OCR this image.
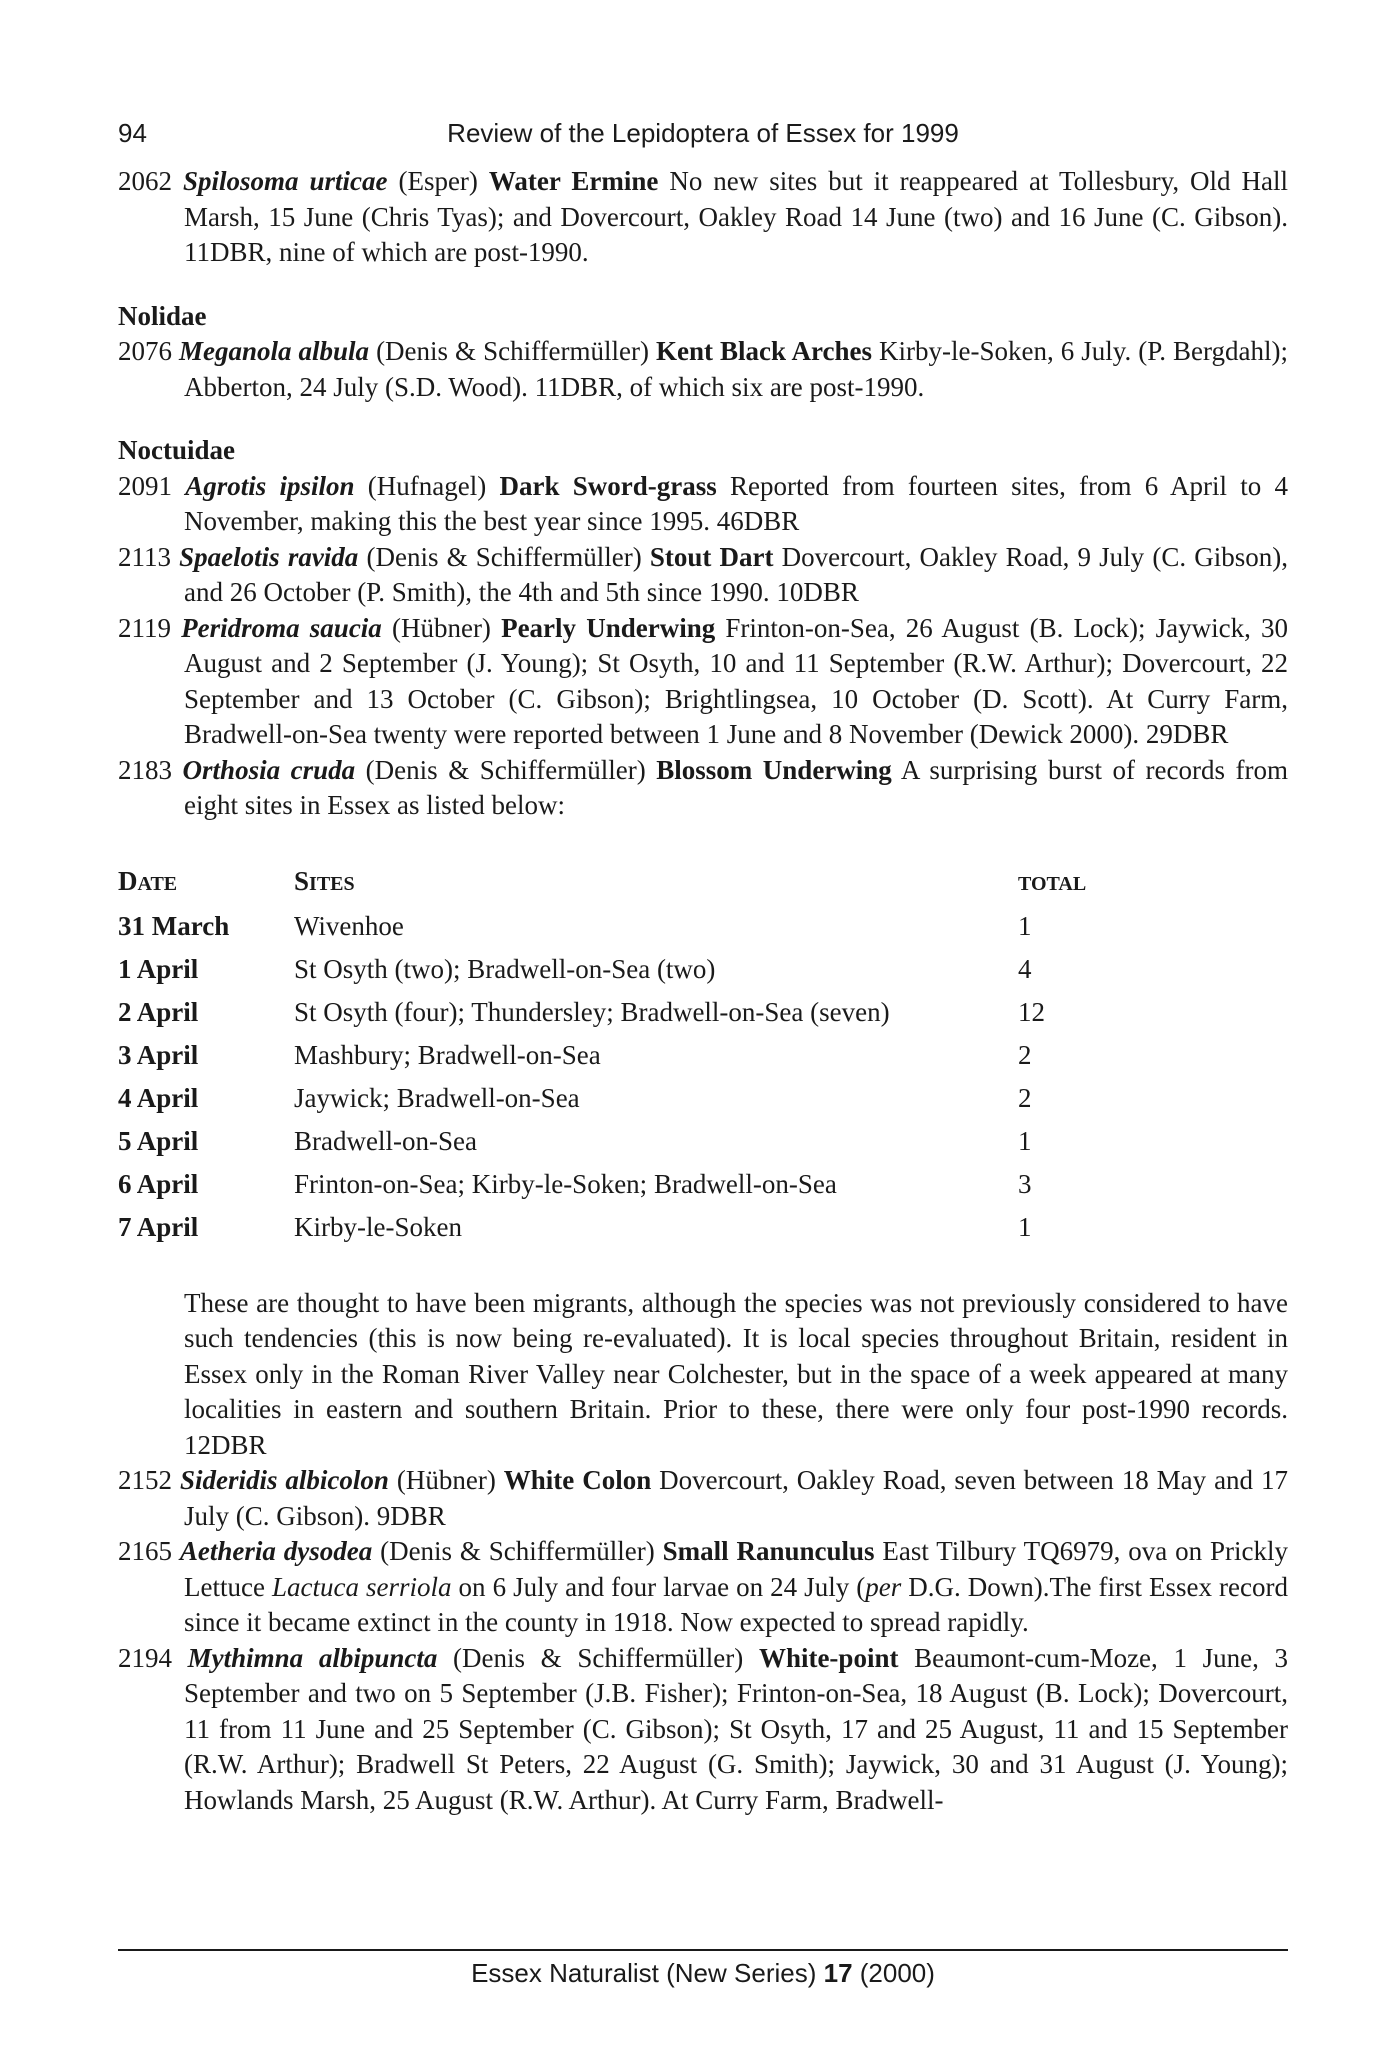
94	Review of the Lepidoptera of Essex for 1999

2062 Spilosoma urticae (Esper) Water Ermine No new sites but it reappeared at Tollesbury, Old Hall Marsh, 15 June (Chris Tyas); and Dovercourt, Oakley Road 14 June (two) and 16 June (C. Gibson). 11DBR, nine of which are post-1990.

Nolidae

2076 Meganola albula (Denis & Schiffermüller) Kent Black Arches Kirby-le-Soken, 6 July. (P. Bergdahl); Abberton, 24 July (S.D. Wood). 11DBR, of which six are post-1990.

Noctuidae

2091 Agrotis ipsilon (Hufnagel) Dark Sword-grass Reported from fourteen sites, from 6 April to 4 November, making this the best year since 1995. 46DBR

2113 Spaelotis ravida (Denis & Schiffermüller) Stout Dart Dovercourt, Oakley Road, 9 July (C. Gibson), and 26 October (P. Smith), the 4th and 5th since 1990. 10DBR

2119 Peridroma saucia (Hübner) Pearly Underwing Frinton-on-Sea, 26 August (B. Lock); Jaywick, 30 August and 2 September (J. Young); St Osyth, 10 and 11 September (R.W. Arthur); Dovercourt, 22 September and 13 October (C. Gibson); Brightlingsea, 10 October (D. Scott). At Curry Farm, Bradwell-on-Sea twenty were reported between 1 June and 8 November (Dewick 2000). 29DBR

2183 Orthosia cruda (Denis & Schiffermüller) Blossom Underwing A surprising burst of records from eight sites in Essex as listed below:

DATE	SITES	TOTAL
31 March	Wivenhoe	1
1 April	St Osyth (two); Bradwell-on-Sea (two)	4
2 April	St Osyth (four); Thundersley; Bradwell-on-Sea (seven)	12
3 April	Mashbury; Bradwell-on-Sea	2
4 April	Jaywick; Bradwell-on-Sea	2
5 April	Bradwell-on-Sea	1
6 April	Frinton-on-Sea; Kirby-le-Soken; Bradwell-on-Sea	3
7 April	Kirby-le-Soken	1

These are thought to have been migrants, although the species was not previously considered to have such tendencies (this is now being re-evaluated). It is local species throughout Britain, resident in Essex only in the Roman River Valley near Colchester, but in the space of a week appeared at many localities in eastern and southern Britain. Prior to these, there were only four post-1990 records. 12DBR

2152 Sideridis albicolon (Hübner) White Colon Dovercourt, Oakley Road, seven between 18 May and 17 July (C. Gibson). 9DBR

2165 Aetheria dysodea (Denis & Schiffermüller) Small Ranunculus East Tilbury TQ6979, ova on Prickly Lettuce Lactuca serriola on 6 July and four larvae on 24 July (per D.G. Down).The first Essex record since it became extinct in the county in 1918. Now expected to spread rapidly.

2194 Mythimna albipuncta (Denis & Schiffermüller) White-point Beaumont-cum-Moze, 1 June, 3 September and two on 5 September (J.B. Fisher); Frinton-on-Sea, 18 August (B. Lock); Dovercourt, 11 from 11 June and 25 September (C. Gibson); St Osyth, 17 and 25 August, 11 and 15 September (R.W. Arthur); Bradwell St Peters, 22 August (G. Smith); Jaywick, 30 and 31 August (J. Young); Howlands Marsh, 25 August (R.W. Arthur). At Curry Farm, Bradwell-

Essex Naturalist (New Series) 17 (2000)
